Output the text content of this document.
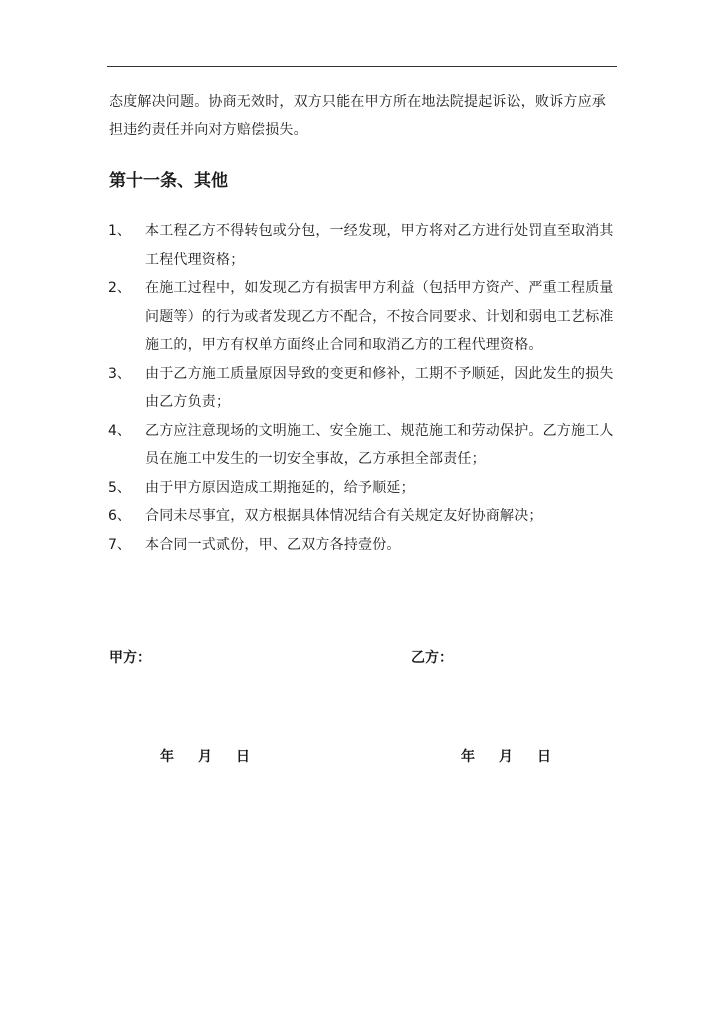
态度解决问题。协商无效时，双方只能在甲方所在地法院提起诉讼，败诉方应承担违约责任并向对方赔偿损失。
第十一条、其他
1、	本工程乙方不得转包或分包，一经发现，甲方将对乙方进行处罚直至取消其工程代理资格；
2、	在施工过程中，如发现乙方有损害甲方利益（包括甲方资产、严重工程质量问题等）的行为或者发现乙方不配合，不按合同要求、计划和弱电工艺标准施工的，甲方有权单方面终止合同和取消乙方的工程代理资格。
3、	由于乙方施工质量原因导致的变更和修补，工期不予顺延，因此发生的损失由乙方负责；
4、	乙方应注意现场的文明施工、安全施工、规范施工和劳动保护。乙方施工人员在施工中发生的一切安全事故，乙方承担全部责任；
5、	由于甲方原因造成工期拖延的，给予顺延；
6、	合同未尽事宜，双方根据具体情况结合有关规定友好协商解决；
7、	本合同一式贰份，甲、乙双方各持壹份。
甲方：	乙方：
年	月	日	年	月	日
